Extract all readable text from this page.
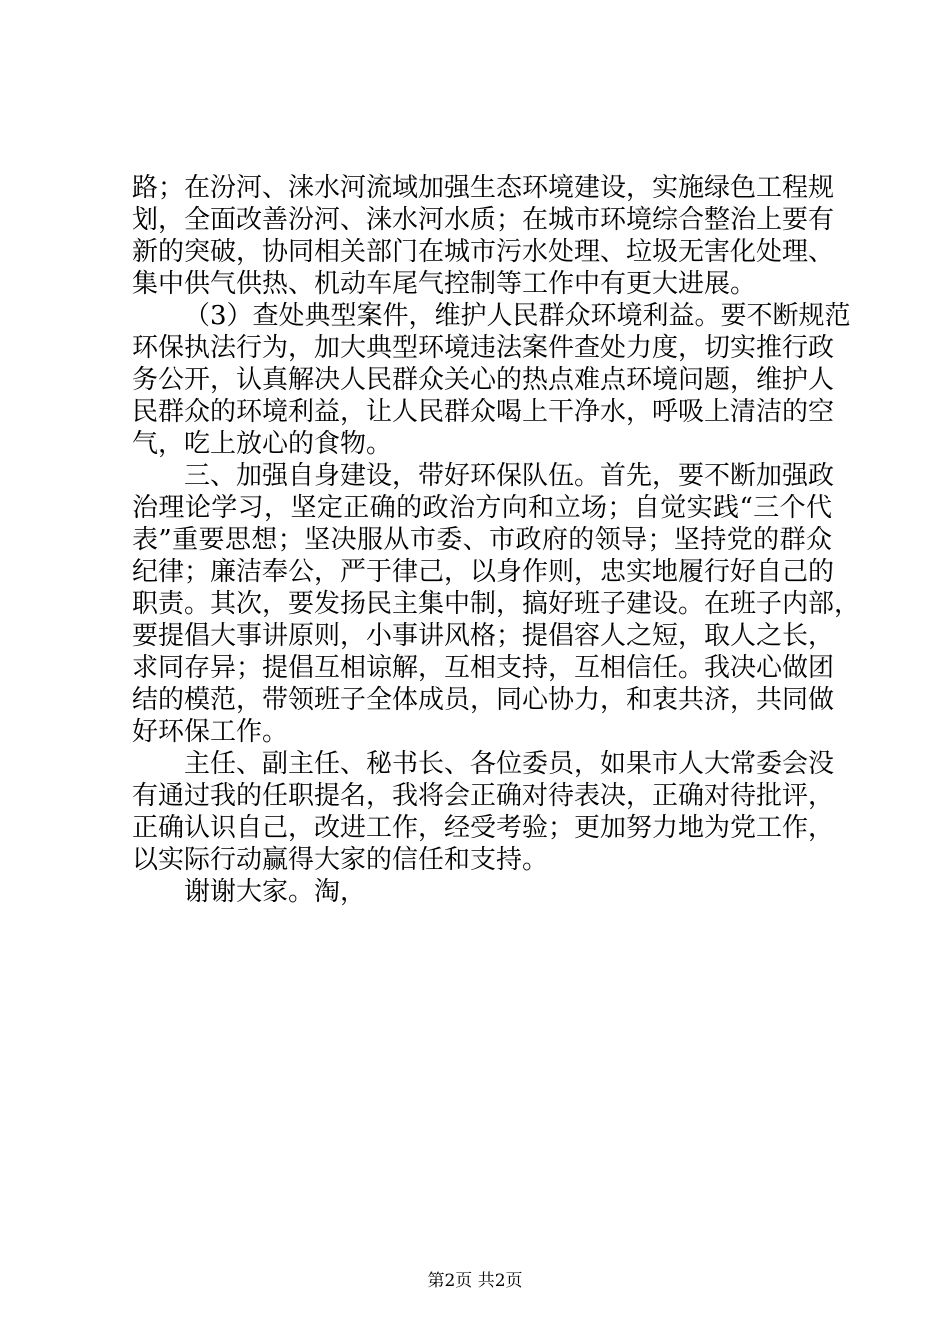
路；在汾河、涞水河流域加强生态环境建设，实施绿色工程规
划，全面改善汾河、涞水河水质；在城市环境综合整治上要有
新的突破，协同相关部门在城市污水处理、垃圾无害化处理、
集中供气供热、机动车尾气控制等工作中有更大进展。
（3）查处典型案件，维护人民群众环境利益。要不断规范
环保执法行为，加大典型环境违法案件查处力度，切实推行政
务公开，认真解决人民群众关心的热点难点环境问题，维护人
民群众的环境利益，让人民群众喝上干净水，呼吸上清洁的空
气，吃上放心的食物。
三、加强自身建设，带好环保队伍。首先，要不断加强政
治理论学习，坚定正确的政治方向和立场；自觉实践“三个代
表”重要思想；坚决服从市委、市政府的领导；坚持党的群众
纪律；廉洁奉公，严于律己，以身作则，忠实地履行好自己的
职责。其次，要发扬民主集中制，搞好班子建设。在班子内部，
要提倡大事讲原则，小事讲风格；提倡容人之短，取人之长，
求同存异；提倡互相谅解，互相支持，互相信任。我决心做团
结的模范，带领班子全体成员，同心协力，和衷共济，共同做
好环保工作。
主任、副主任、秘书长、各位委员，如果市人大常委会没
有通过我的任职提名，我将会正确对待表决，正确对待批评，
正确认识自己，改进工作，经受考验；更加努力地为党工作，
以实际行动赢得大家的信任和支持。
谢谢大家。淘，
第2页 共2页
